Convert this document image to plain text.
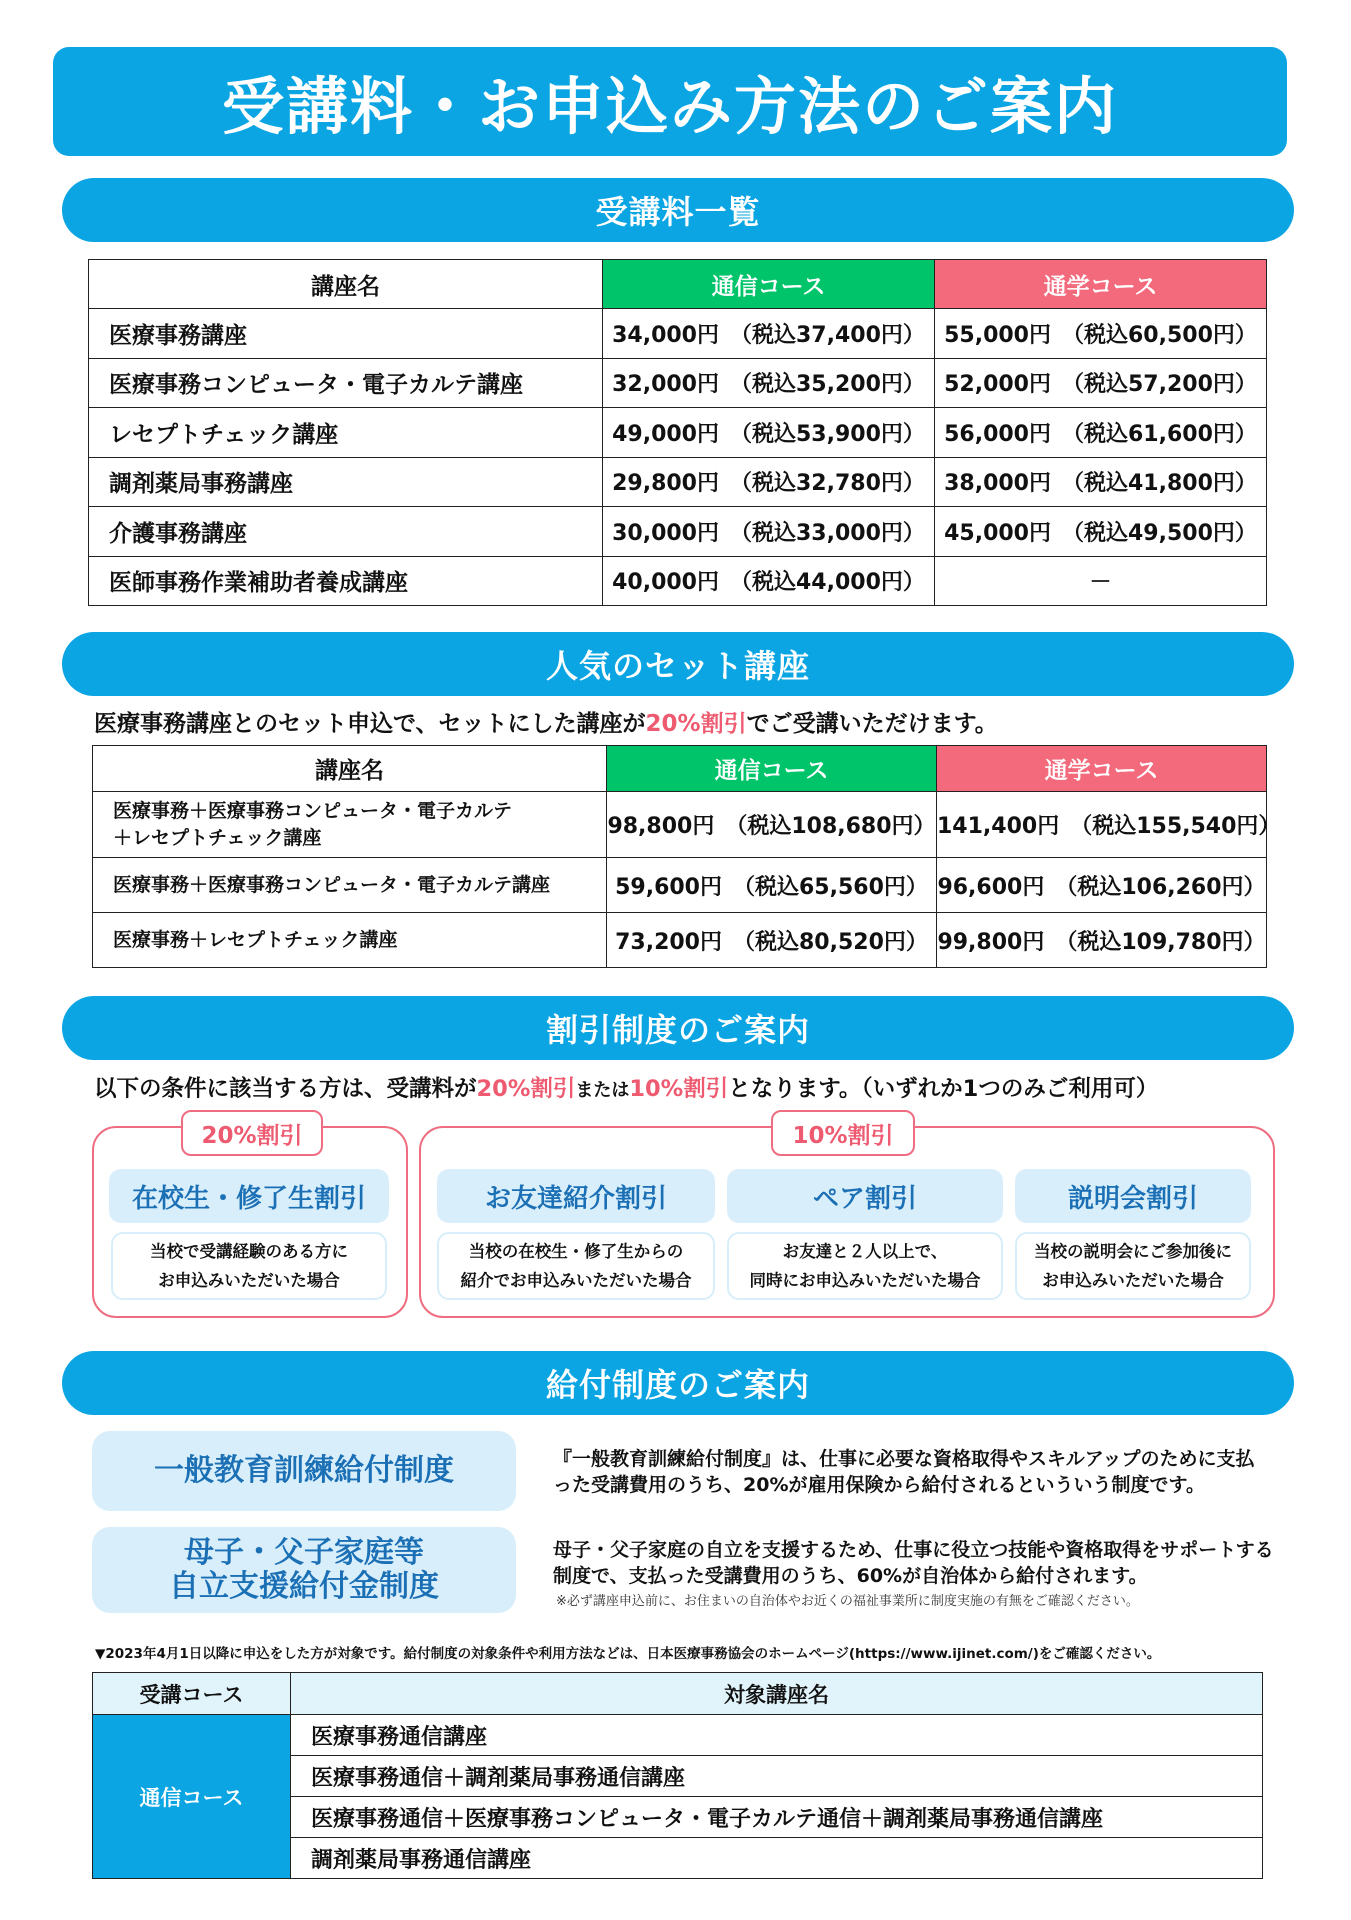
受講料・お申込み方法のご案内
受講料一覧
講座名	通信コース	通学コース
医療事務講座	34,000円　（税込37,400円）	55,000円　（税込60,500円）
医療事務コンピュータ・電子カルテ講座	32,000円　（税込35,200円）	52,000円　（税込57,200円）
レセプトチェック講座	49,000円　（税込53,900円）	56,000円　（税込61,600円）
調剤薬局事務講座	29,800円　（税込32,780円）	38,000円　（税込41,800円）
介護事務講座	30,000円　（税込33,000円）	45,000円　（税込49,500円）
医師事務作業補助者養成講座	40,000円　（税込44,000円）	－
人気のセット講座
医療事務講座とのセット申込で、セットにした講座が20%割引でご受講いただけます。
講座名	通信コース	通学コース

医療事務＋医療事務コンピュータ・電子カルテ
＋レセプトチェック講座	98,800円　（税込108,680円）	141,400円　（税込155,540円）
医療事務＋医療事務コンピュータ・電子カルテ講座	59,600円　（税込65,560円）	96,600円　（税込106,260円）
医療事務＋レセプトチェック講座	73,200円　（税込80,520円）	99,800円　（税込109,780円）
割引制度のご案内
以下の条件に該当する方は、受講料が20%割引または10%割引となります。（いずれか1つのみご利用可）
20%割引	10%割引
在校生・修了生割引
当校で受講経験のある方に
お申込みいただいた場合
お友達紹介割引
当校の在校生・修了生からの
紹介でお申込みいただいた場合
ペア割引
お友達と２人以上で、
同時にお申込みいただいた場合
説明会割引
当校の説明会にご参加後に
お申込みいただいた場合
給付制度のご案内
一般教育訓練給付制度	『一般教育訓練給付制度』は、仕事に必要な資格取得やスキルアップのために支払った受講費用のうち、20%が雇用保険から給付されるといういう制度です。
母子・父子家庭等
自立支援給付金制度
母子・父子家庭の自立を支援するため、仕事に役立つ技能や資格取得をサポートする制度で、支払った受講費用のうち、60%が自治体から給付されます。
※必ず講座申込前に、お住まいの自治体やお近くの福祉事業所に制度実施の有無をご確認ください。
▼2023年4月1日以降に申込をした方が対象です。給付制度の対象条件や利用方法などは、日本医療事務協会のホームページ(https://www.ijinet.com/)をご確認ください。
受講コース	対象講座名
通信コース	医療事務通信講座
	医療事務通信＋調剤薬局事務通信講座
	医療事務通信＋医療事務コンピュータ・電子カルテ通信＋調剤薬局事務通信講座
	調剤薬局事務通信講座
